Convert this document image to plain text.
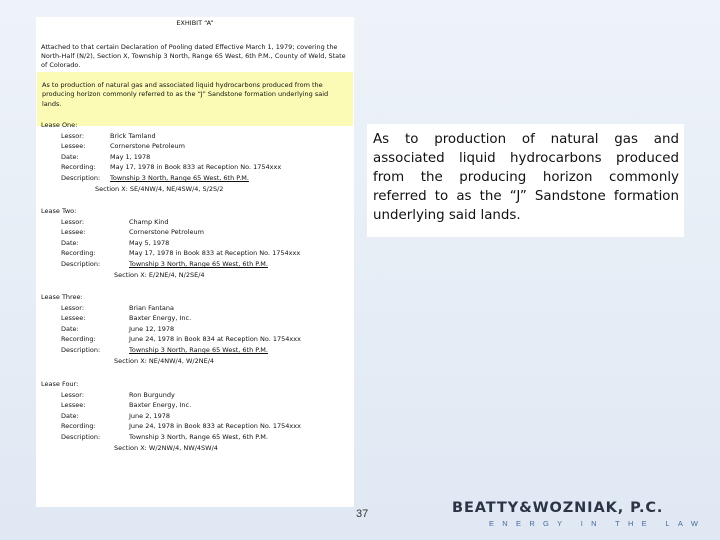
EXHIBIT “A”
Attached to that certain Declaration of Pooling dated Effective March 1, 1979; covering the North-Half (N/2), Section X, Township 3 North, Range 65 West, 6th P.M., County of Weld, State of Colorado.
As to production of natural gas and associated liquid hydrocarbons produced from the producing horizon commonly referred to as the “J” Sandstone formation underlying said lands.
Lease One:
Lessor:	Brick Tamland
Lessee:	Cornerstone Petroleum
Date:	May 1, 1978
Recording:	May 17, 1978 in Book 833 at Reception No. 1754xxx
Description:	Township 3 North, Range 65 West, 6th P.M.
Section X: SE/4NW/4, NE/4SW/4, S/2S/2
Lease Two:
Lessor:	Champ Kind
Lessee:	Cornerstone Petroleum
Date:	May 5, 1978
Recording:	May 17, 1978 in Book 833 at Reception No. 1754xxx
Description:	Township 3 North, Range 65 West, 6th P.M.
Section X: E/2NE/4, N/2SE/4
Lease Three:
Lessor:	Brian Fantana
Lessee:	Baxter Energy, Inc.
Date:	June 12, 1978
Recording:	June 24, 1978 in Book 834 at Reception No. 1754xxx
Description:	Township 3 North, Range 65 West, 6th P.M.
Section X: NE/4NW/4, W/2NE/4
Lease Four:
Lessor:	Ron Burgundy
Lessee:	Baxter Energy, Inc.
Date:	June 2, 1978
Recording:	June 24, 1978 in Book 833 at Reception No. 1754xxx
Description:	Township 3 North, Range 65 West, 6th P.M.
Section X: W/2NW/4, NW/4SW/4
As to production of natural gas and associated liquid hydrocarbons produced from the producing horizon commonly referred to as the “J” Sandstone formation underlying said lands.
37	BEATTY&WOZNIAK, P.C.
ENERGY IN THE LAW
